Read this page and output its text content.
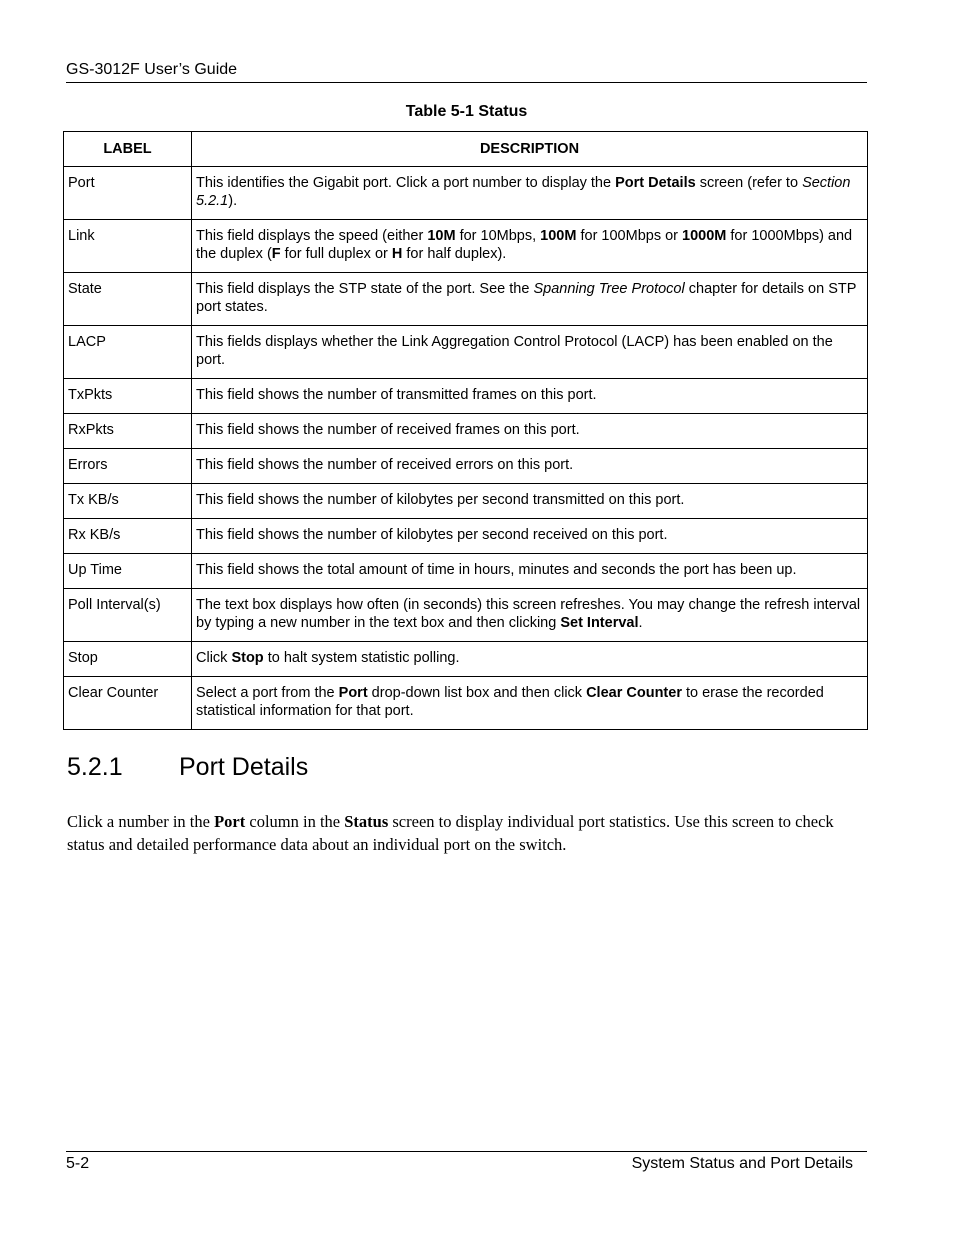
GS-3012F User’s Guide
Table 5-1 Status
LABEL	DESCRIPTION
Port	This identifies the Gigabit port. Click a port number to display the Port Details screen (refer to Section 5.2.1).
Link	This field displays the speed (either 10M for 10Mbps, 100M for 100Mbps or 1000M for 1000Mbps) and the duplex (F for full duplex or H for half duplex).
State	This field displays the STP state of the port. See the Spanning Tree Protocol chapter for details on STP port states.
LACP	This fields displays whether the Link Aggregation Control Protocol (LACP) has been enabled on the port.
TxPkts	This field shows the number of transmitted frames on this port.
RxPkts	This field shows the number of received frames on this port.
Errors	This field shows the number of received errors on this port.
Tx KB/s	This field shows the number of kilobytes per second transmitted on this port.
Rx KB/s	This field shows the number of kilobytes per second received on this port.
Up Time	This field shows the total amount of time in hours, minutes and seconds the port has been up.
Poll Interval(s)	The text box displays how often (in seconds) this screen refreshes. You may change the refresh interval by typing a new number in the text box and then clicking Set Interval.
Stop	Click Stop to halt system statistic polling.
Clear Counter	Select a port from the Port drop-down list box and then click Clear Counter to erase the recorded statistical information for that port.
5.2.1 Port Details

Click a number in the Port column in the Status screen to display individual port statistics. Use this screen to check status and detailed performance data about an individual port on the switch.

5-2	System Status and Port Details
